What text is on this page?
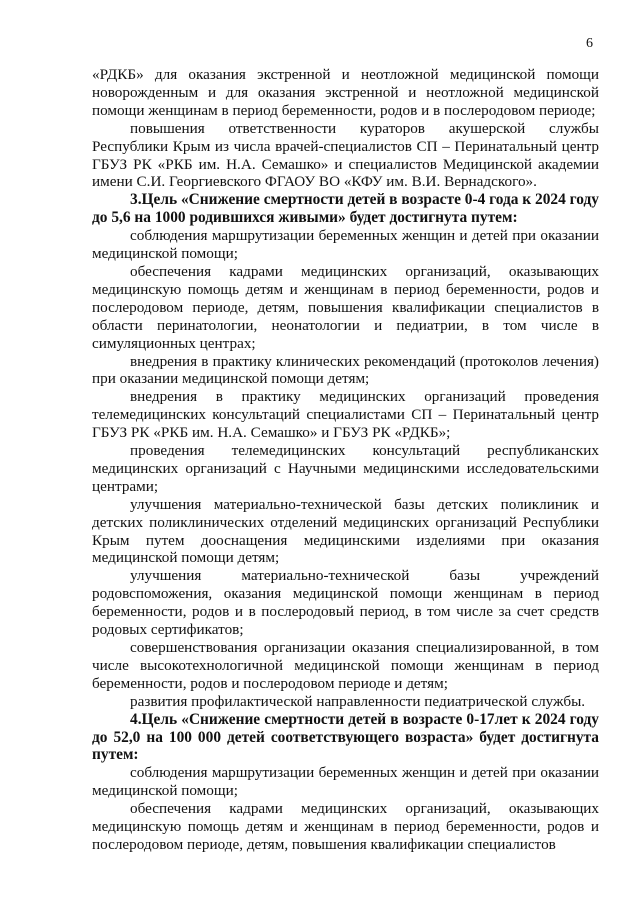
6

«РДКБ» для оказания экстренной и неотложной медицинской помощи новорожденным и для оказания экстренной и неотложной медицинской помощи женщинам в период беременности, родов и в послеродовом периоде;

повышения ответственности кураторов акушерской службы Республики Крым из числа врачей-специалистов СП – Перинатальный центр ГБУЗ РК «РКБ им. Н.А. Семашко» и специалистов Медицинской академии имени С.И. Георгиевского ФГАОУ ВО «КФУ им. В.И. Вернадского».

3.Цель «Снижение смертности детей в возрасте 0-4 года к 2024 году до 5,6 на 1000 родившихся живыми» будет достигнута путем:

соблюдения маршрутизации беременных женщин и детей при оказании медицинской помощи;

обеспечения кадрами медицинских организаций, оказывающих медицинскую помощь детям и женщинам в период беременности, родов и послеродовом периоде, детям, повышения квалификации специалистов в области перинатологии, неонатологии и педиатрии, в том числе в симуляционных центрах;

внедрения в практику клинических рекомендаций (протоколов лечения) при оказании медицинской помощи детям;

внедрения в практику медицинских организаций проведения телемедицинских консультаций специалистами СП – Перинатальный центр ГБУЗ РК «РКБ им. Н.А. Семашко» и ГБУЗ РК «РДКБ»;

проведения телемедицинских консультаций республиканских медицинских организаций с Научными медицинскими исследовательскими центрами;

улучшения материально-технической базы детских поликлиник и детских поликлинических отделений медицинских организаций Республики Крым путем дооснащения медицинскими изделиями при оказания медицинской помощи детям;

улучшения материально-технической базы учреждений родовспоможения, оказания медицинской помощи женщинам в период беременности, родов и в послеродовый период, в том числе за счет средств родовых сертификатов;

совершенствования организации оказания специализированной, в том числе высокотехнологичной медицинской помощи женщинам в период беременности, родов и послеродовом периоде и детям;

развития профилактической направленности педиатрической службы.

4.Цель «Снижение смертности детей в возрасте 0-17лет к 2024 году до 52,0 на 100 000 детей соответствующего возраста» будет достигнута путем:

соблюдения маршрутизации беременных женщин и детей при оказании медицинской помощи;

обеспечения кадрами медицинских организаций, оказывающих медицинскую помощь детям и женщинам в период беременности, родов и послеродовом периоде, детям, повышения квалификации специалистов
